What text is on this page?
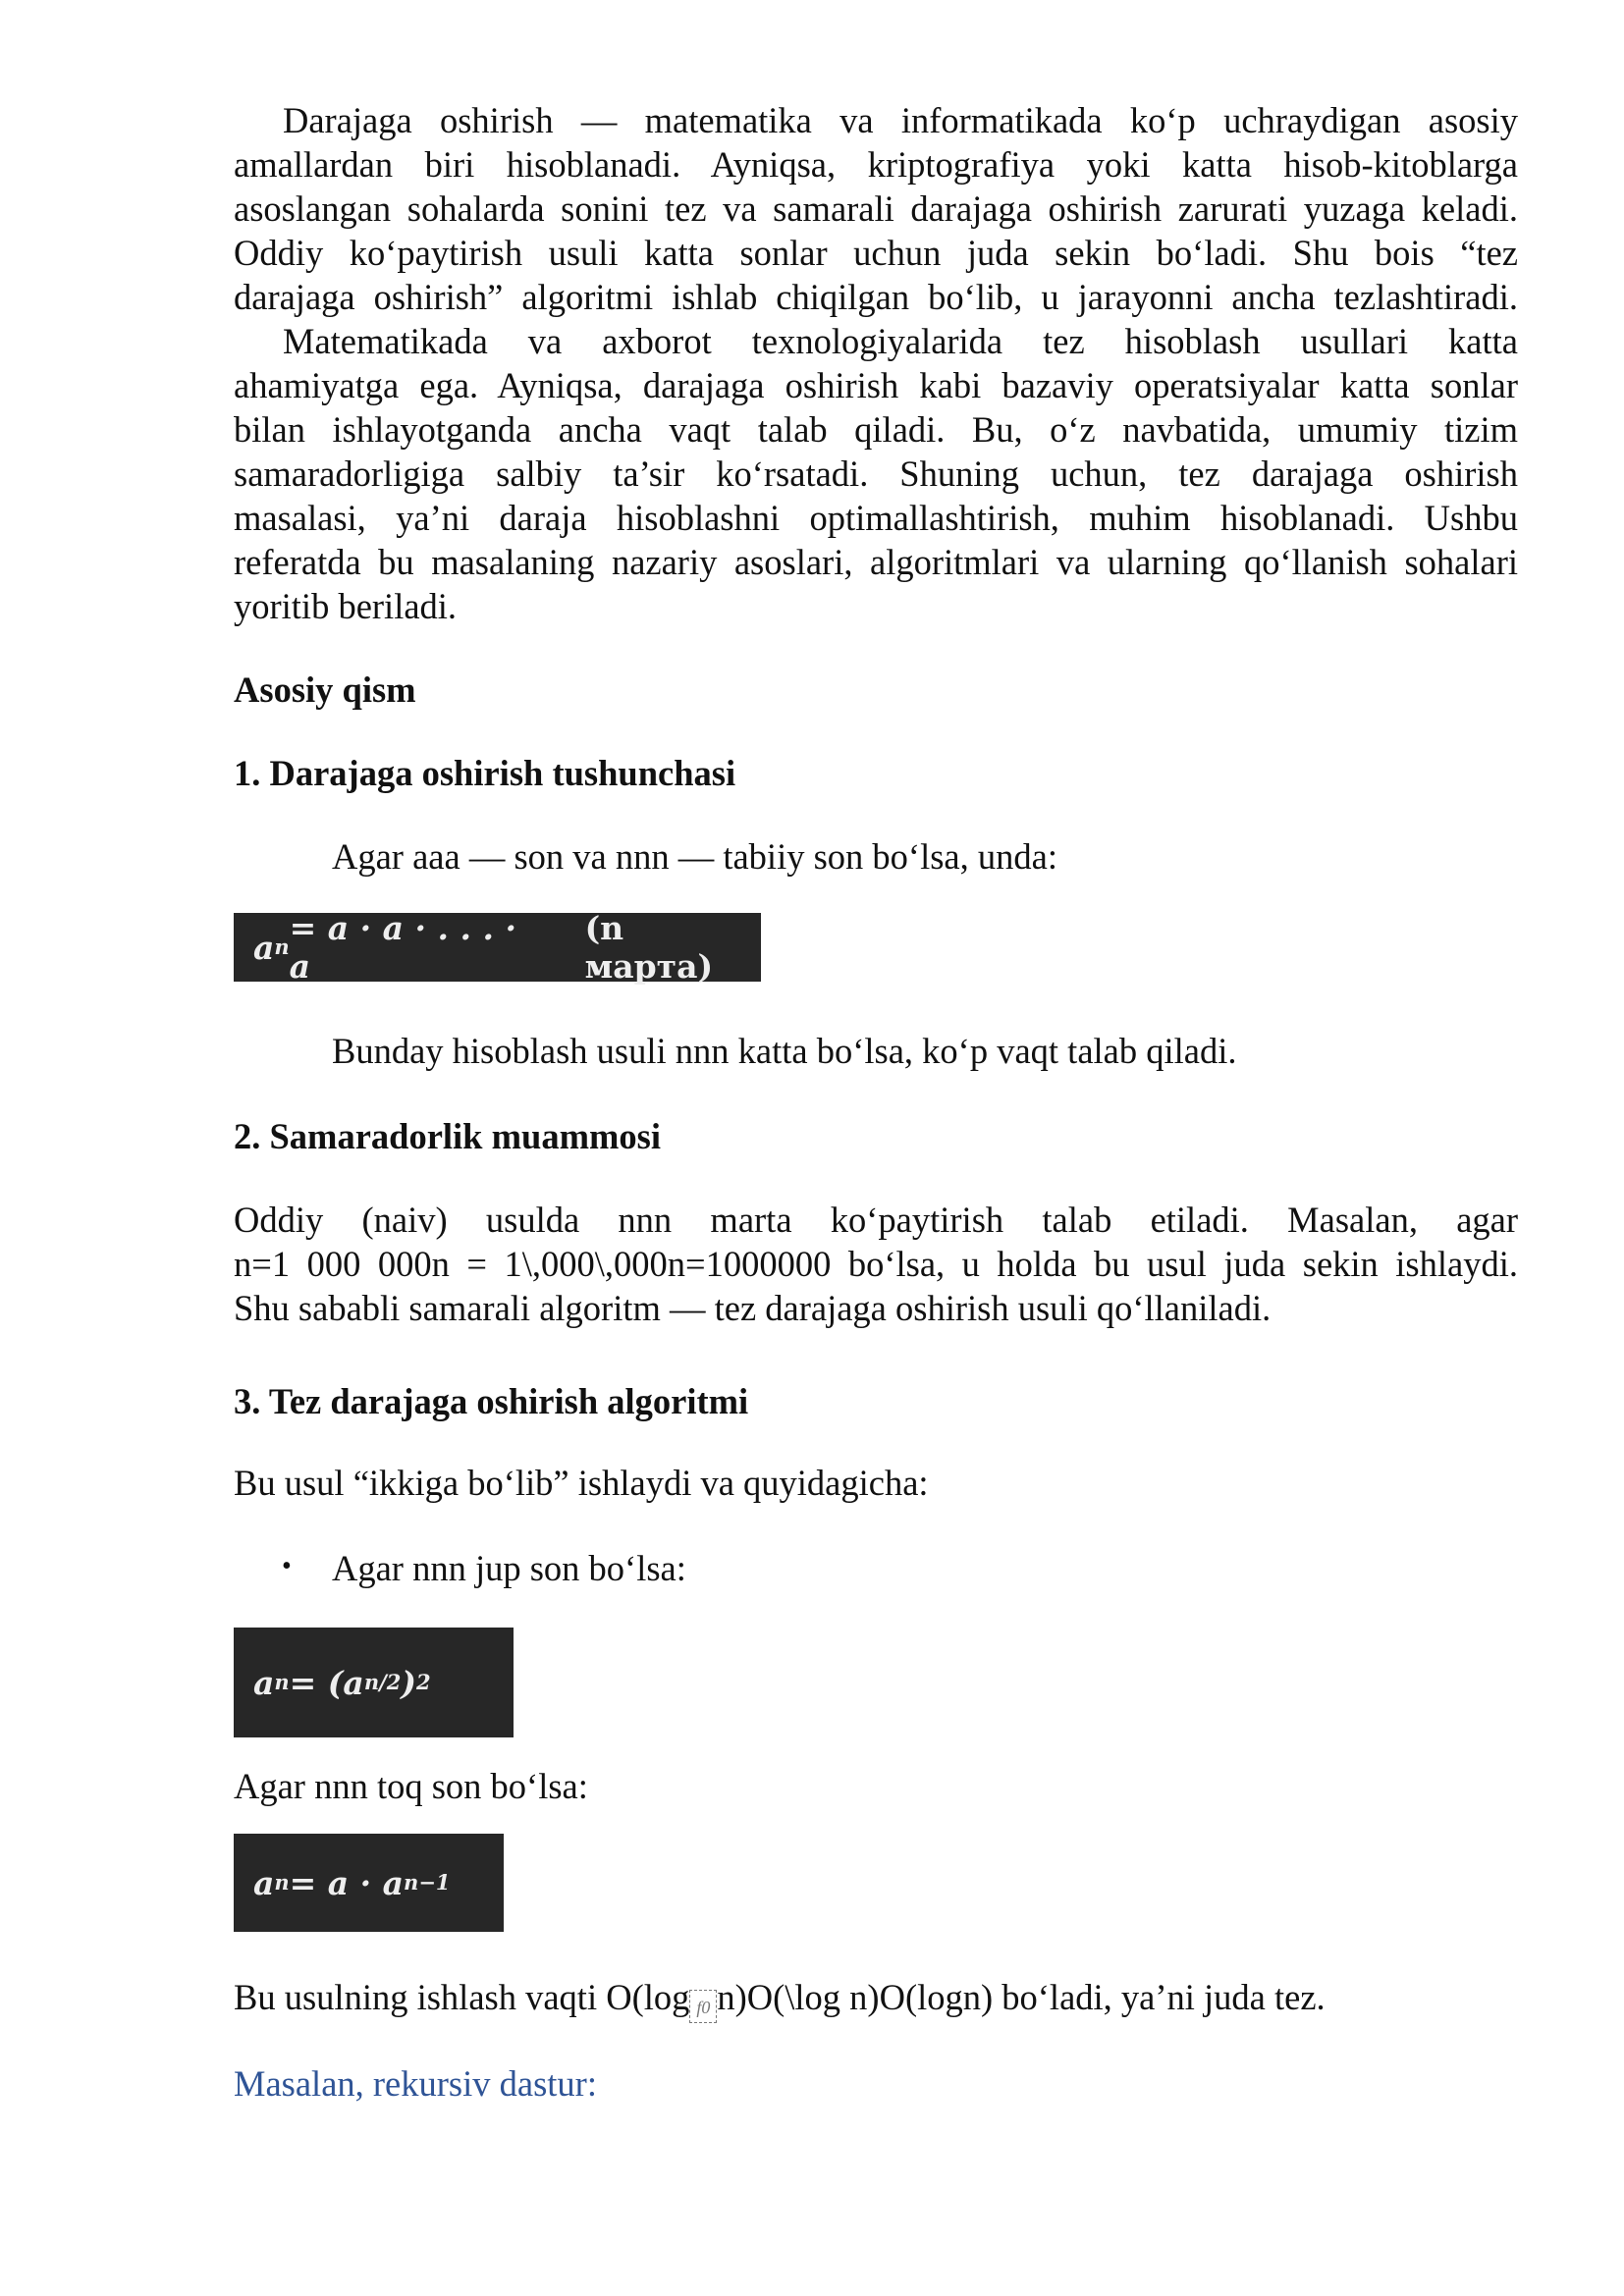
Darajaga oshirish — matematika va informatikada ko‘p uchraydigan asosiy
amallardan biri hisoblanadi. Ayniqsa, kriptografiya yoki katta hisob-kitoblarga
asoslangan sohalarda sonini tez va samarali darajaga oshirish zarurati yuzaga keladi.
Oddiy ko‘paytirish usuli katta sonlar uchun juda sekin bo‘ladi. Shu bois “tez
darajaga oshirish” algoritmi ishlab chiqilgan bo‘lib, u jarayonni ancha tezlashtiradi.
Matematikada va axborot texnologiyalarida tez hisoblash usullari katta
ahamiyatga ega. Ayniqsa, darajaga oshirish kabi bazaviy operatsiyalar katta sonlar
bilan ishlayotganda ancha vaqt talab qiladi. Bu, o‘z navbatida, umumiy tizim
samaradorligiga salbiy ta’sir ko‘rsatadi. Shuning uchun, tez darajaga oshirish
masalasi, ya’ni daraja hisoblashni optimallashtirish, muhim hisoblanadi. Ushbu
referatda bu masalaning nazariy asoslari, algoritmlari va ularning qo‘llanish sohalari
yoritib beriladi.
Asosiy qism
1. Darajaga oshirish tushunchasi
Agar aaa — son va nnn — tabiiy son bo‘lsa, unda:
a n = a · a · . . . · a
(n марта)
Bunday hisoblash usuli nnn katta bo‘lsa, ko‘p vaqt talab qiladi.
2. Samaradorlik muammosi
Oddiy (naiv) usulda nnn marta ko‘paytirish talab etiladi. Masalan, agar
n=1 000 000n = 1\,000\,000n=1000000 bo‘lsa, u holda bu usul juda sekin ishlaydi.
Shu sababli samarali algoritm — tez darajaga oshirish usuli qo‘llaniladi.
3. Tez darajaga oshirish algoritmi
Bu usul “ikkiga bo‘lib” ishlaydi va quyidagicha:
• Agar nnn jup son bo‘lsa:
a n = (a n/2 ) 2
Agar nnn toq son bo‘lsa:
a n = a · a n−1
Bu usulning ishlash vaqti O(log f0 n)O(\log n)O(logn) bo‘ladi, ya’ni juda tez.
Masalan, rekursiv dastur:
